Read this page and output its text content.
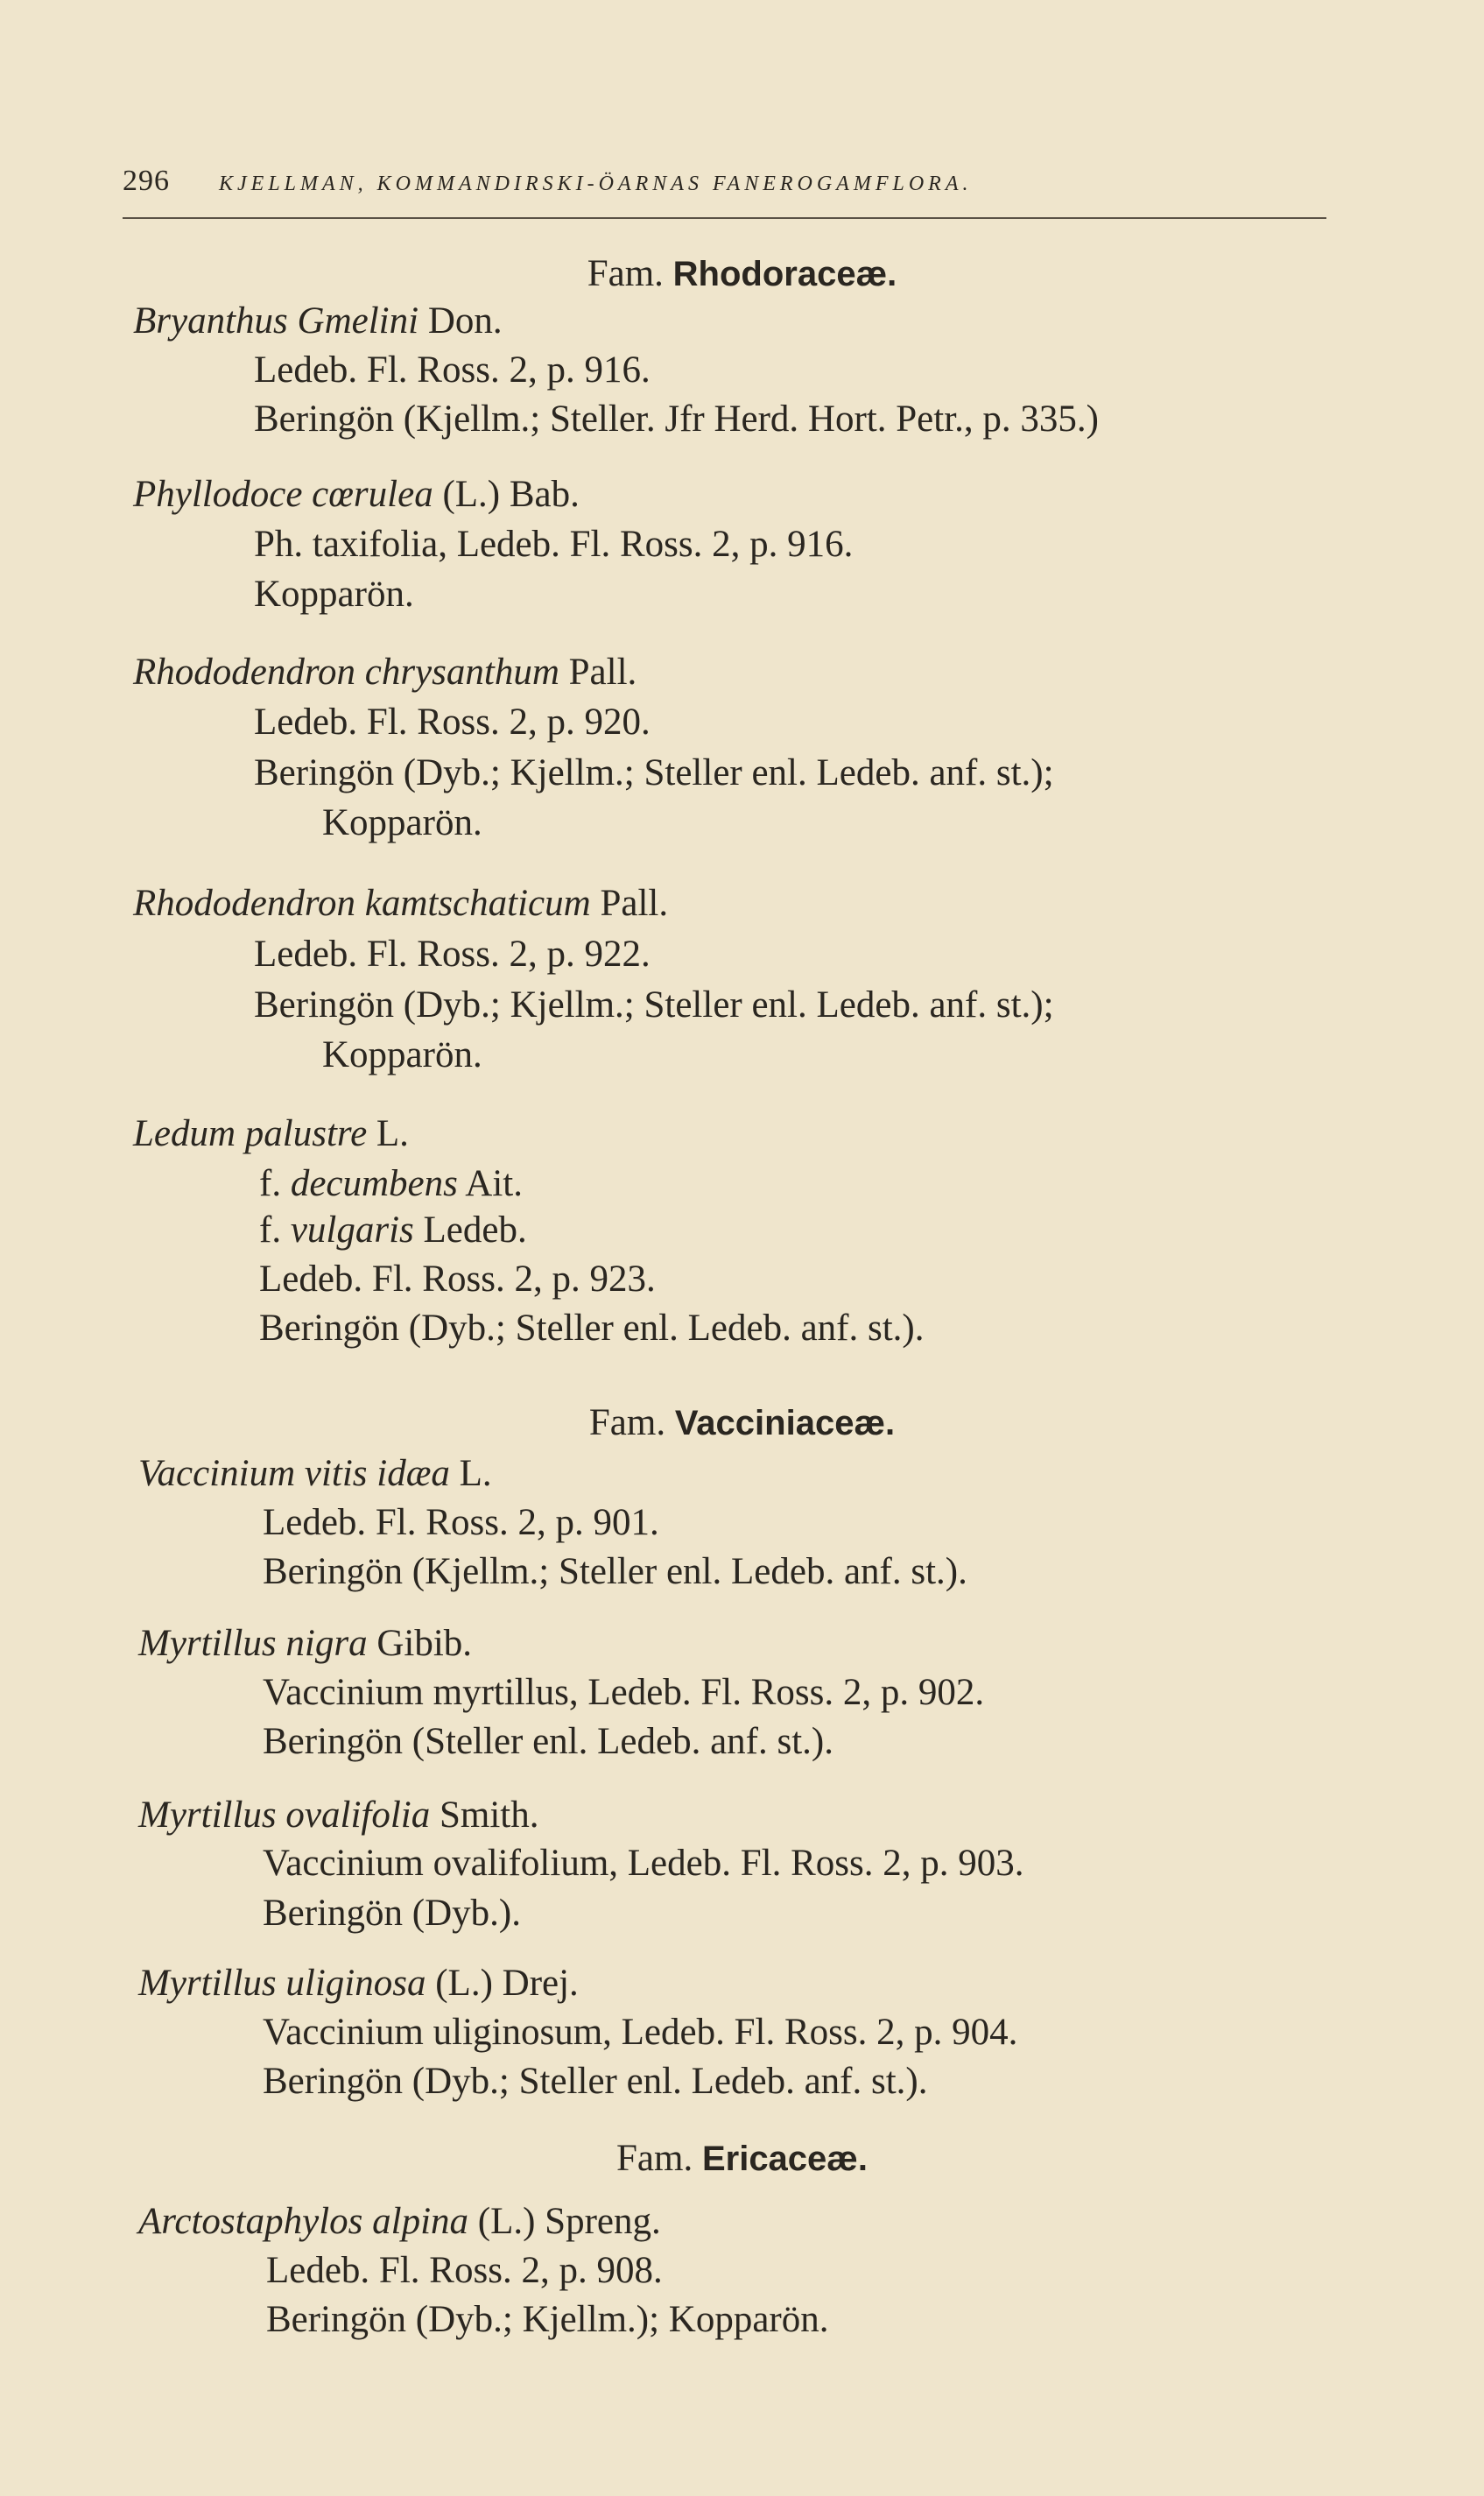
296 KJELLMAN, KOMMANDIRSKI-ÖARNAS FANEROGAMFLORA.
Fam. Rhodoraceæ.
Bryanthus Gmelini Don.
Ledeb. Fl. Ross. 2, p. 916.
Beringön (Kjellm.; Steller. Jfr Herd. Hort. Petr., p. 335.)
Phyllodoce cœrulea (L.) Bab.
Ph. taxifolia, Ledeb. Fl. Ross. 2, p. 916.
Kopparön.
Rhododendron chrysanthum Pall.
Ledeb. Fl. Ross. 2, p. 920.
Beringön (Dyb.; Kjellm.; Steller enl. Ledeb. anf. st.);
Kopparön.
Rhododendron kamtschaticum Pall.
Ledeb. Fl. Ross. 2, p. 922.
Beringön (Dyb.; Kjellm.; Steller enl. Ledeb. anf. st.);
Kopparön.
Ledum palustre L.
f. decumbens Ait.
f. vulgaris Ledeb.
Ledeb. Fl. Ross. 2, p. 923.
Beringön (Dyb.; Steller enl. Ledeb. anf. st.).
Fam. Vacciniaceæ.
Vaccinium vitis idæa L.
Ledeb. Fl. Ross. 2, p. 901.
Beringön (Kjellm.; Steller enl. Ledeb. anf. st.).
Myrtillus nigra Gibib.
Vaccinium myrtillus, Ledeb. Fl. Ross. 2, p. 902.
Beringön (Steller enl. Ledeb. anf. st.).
Myrtillus ovalifolia Smith.
Vaccinium ovalifolium, Ledeb. Fl. Ross. 2, p. 903.
Beringön (Dyb.).
Myrtillus uliginosa (L.) Drej.
Vaccinium uliginosum, Ledeb. Fl. Ross. 2, p. 904.
Beringön (Dyb.; Steller enl. Ledeb. anf. st.).
Fam. Ericaceæ.
Arctostaphylos alpina (L.) Spreng.
Ledeb. Fl. Ross. 2, p. 908.
Beringön (Dyb.; Kjellm.); Kopparön.
